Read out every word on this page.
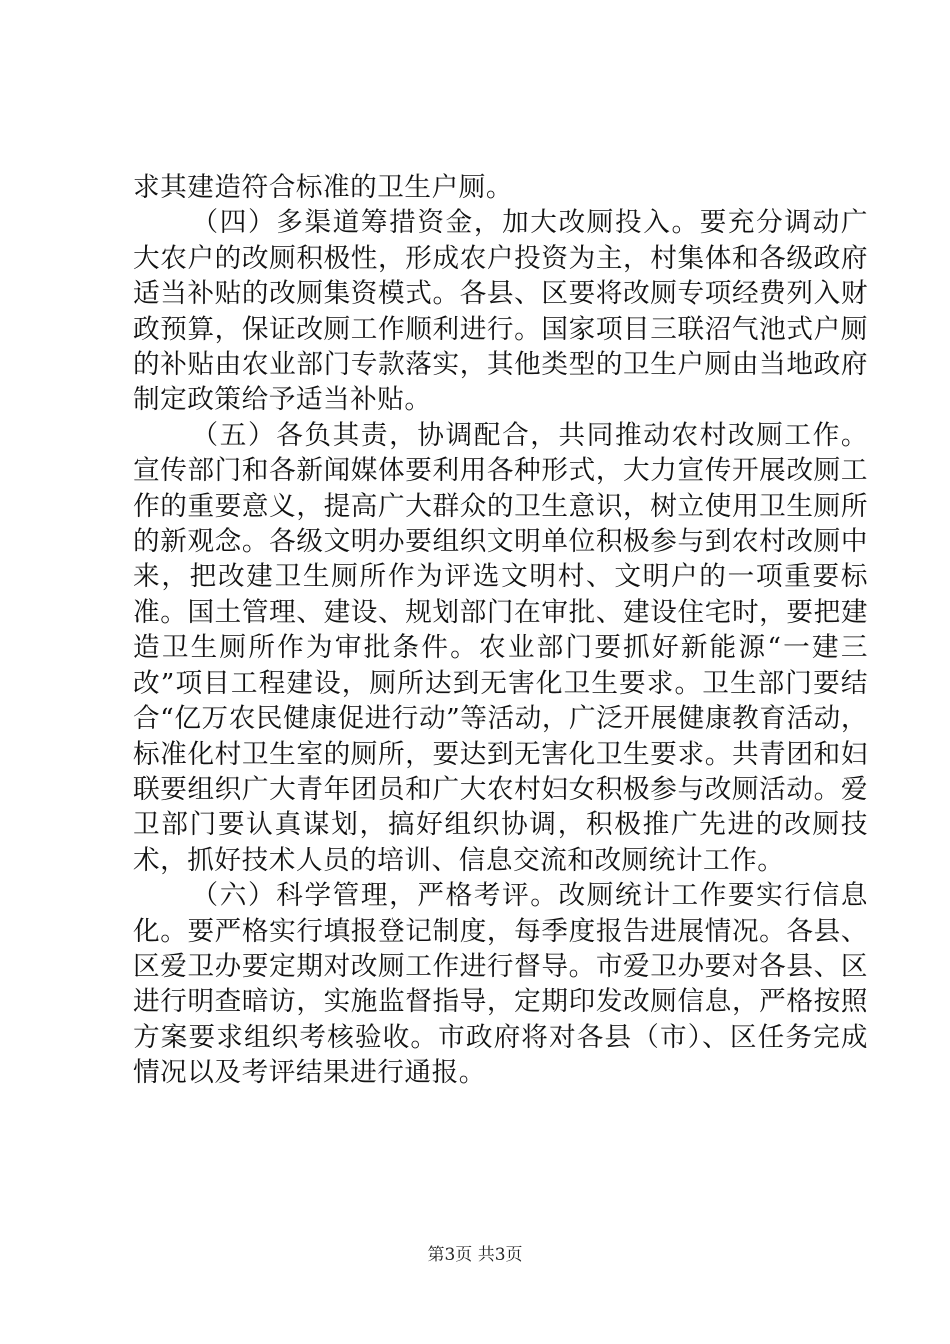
求其建造符合标准的卫生户厕。

（四）多渠道筹措资金，加大改厕投入。要充分调动广大农户的改厕积极性，形成农户投资为主，村集体和各级政府适当补贴的改厕集资模式。各县、区要将改厕专项经费列入财政预算，保证改厕工作顺利进行。国家项目三联沼气池式户厕的补贴由农业部门专款落实，其他类型的卫生户厕由当地政府制定政策给予适当补贴。

（五）各负其责，协调配合，共同推动农村改厕工作。宣传部门和各新闻媒体要利用各种形式，大力宣传开展改厕工作的重要意义，提高广大群众的卫生意识，树立使用卫生厕所的新观念。各级文明办要组织文明单位积极参与到农村改厕中来，把改建卫生厕所作为评选文明村、文明户的一项重要标准。国土管理、建设、规划部门在审批、建设住宅时，要把建造卫生厕所作为审批条件。农业部门要抓好新能源“一建三改”项目工程建设，厕所达到无害化卫生要求。卫生部门要结合“亿万农民健康促进行动”等活动，广泛开展健康教育活动，标准化村卫生室的厕所，要达到无害化卫生要求。共青团和妇联要组织广大青年团员和广大农村妇女积极参与改厕活动。爱卫部门要认真谋划，搞好组织协调，积极推广先进的改厕技术，抓好技术人员的培训、信息交流和改厕统计工作。

（六）科学管理，严格考评。改厕统计工作要实行信息化。要严格实行填报登记制度，每季度报告进展情况。各县、区爱卫办要定期对改厕工作进行督导。市爱卫办要对各县、区进行明查暗访，实施监督指导，定期印发改厕信息，严格按照方案要求组织考核验收。市政府将对各县（市）、区任务完成情况以及考评结果进行通报。

第3页 共3页
